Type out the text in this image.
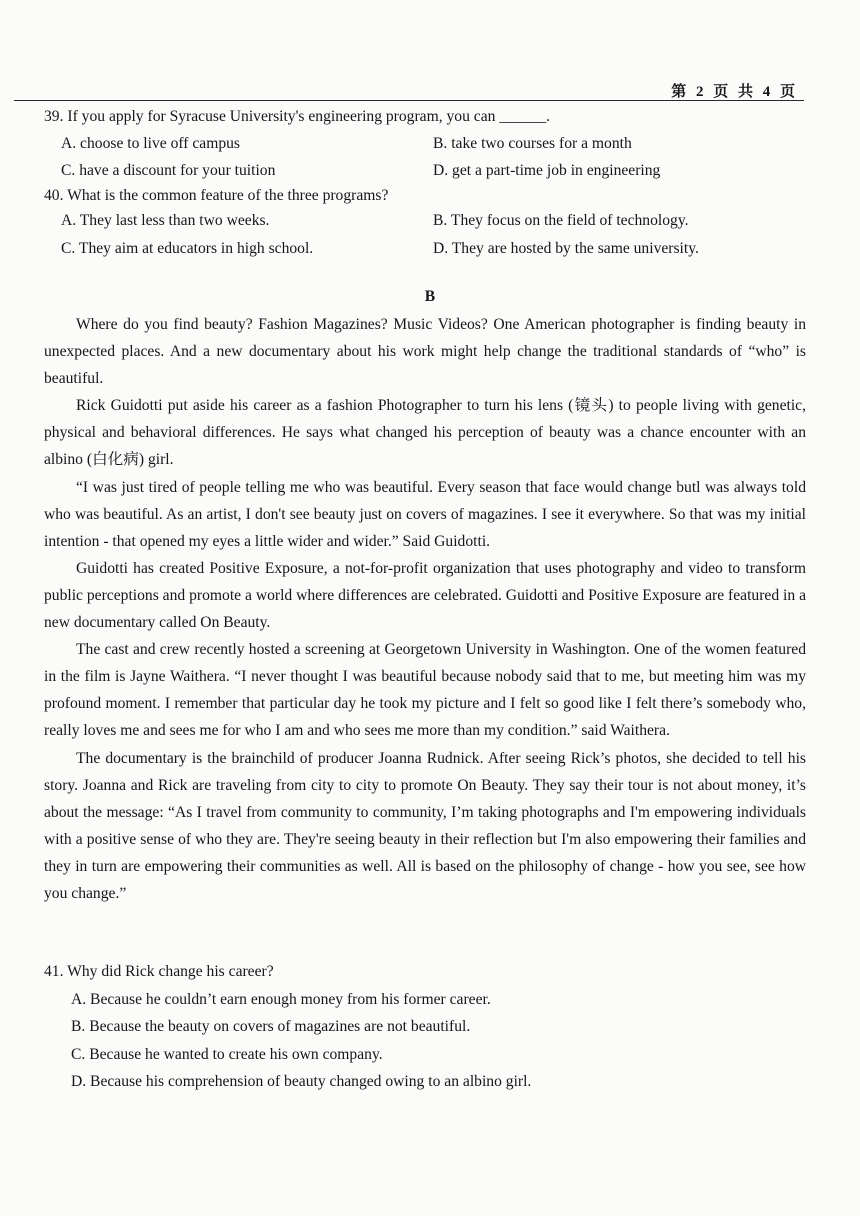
第 2 页 共 4 页
39. If you apply for Syracuse University's engineering program, you can ______.
A. choose to live off campus	B. take two courses for a month
C. have a discount for your tuition	D. get a part-time job in engineering
40. What is the common feature of the three programs?
A. They last less than two weeks.	B. They focus on the field of technology.
C. They aim at educators in high school.	D. They are hosted by the same university.
B

Where do you find beauty? Fashion Magazines? Music Videos? One American photographer is finding beauty in unexpected places. And a new documentary about his work might help change the traditional standards of “who” is beautiful.

Rick Guidotti put aside his career as a fashion Photographer to turn his lens (镜头) to people living with genetic, physical and behavioral differences. He says what changed his perception of beauty was a chance encounter with an albino (白化病) girl.

“I was just tired of people telling me who was beautiful. Every season that face would change butl was always told who was beautiful. As an artist, I don't see beauty just on covers of magazines. I see it everywhere. So that was my initial intention - that opened my eyes a little wider and wider.” Said Guidotti.

Guidotti has created Positive Exposure, a not-for-profit organization that uses photography and video to transform public perceptions and promote a world where differences are celebrated. Guidotti and Positive Exposure are featured in a new documentary called On Beauty.

The cast and crew recently hosted a screening at Georgetown University in Washington. One of the women featured in the film is Jayne Waithera. “I never thought I was beautiful because nobody said that to me, but meeting him was my profound moment. I remember that particular day he took my picture and I felt so good like I felt there’s somebody who, really loves me and sees me for who I am and who sees me more than my condition.” said Waithera.

The documentary is the brainchild of producer Joanna Rudnick. After seeing Rick’s photos, she decided to tell his story. Joanna and Rick are traveling from city to city to promote On Beauty. They say their tour is not about money, it’s about the message: “As I travel from community to community, I’m taking photographs and I'm empowering individuals with a positive sense of who they are. They're seeing beauty in their reflection but I'm also empowering their families and they in turn are empowering their communities as well. All is based on the philosophy of change - how you see, see how you change.”

41. Why did Rick change his career?
A. Because he couldn’t earn enough money from his former career.
B. Because the beauty on covers of magazines are not beautiful.
C. Because he wanted to create his own company.
D. Because his comprehension of beauty changed owing to an albino girl.
